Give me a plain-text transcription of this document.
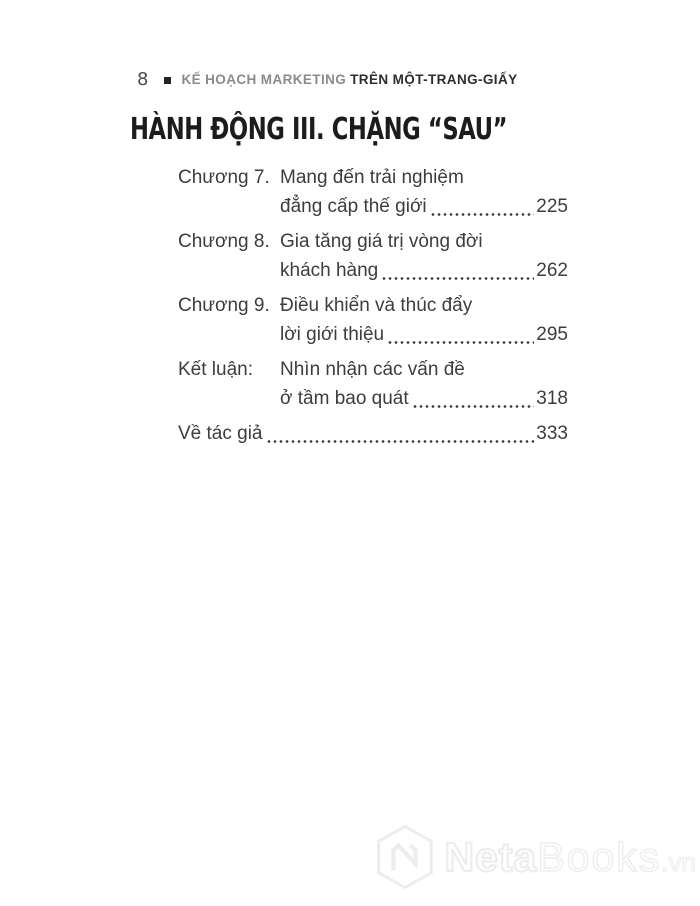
8 KẾ HOẠCH MARKETING TRÊN MỘT-TRANG-GIẤY
HÀNH ĐỘNG III. CHẶNG “SAU”
Chương 7. Mang đến trải nghiệm
đẳng cấp thế giới	225
Chương 8. Gia tăng giá trị vòng đời
khách hàng	262
Chương 9. Điều khiển và thúc đẩy
lời giới thiệu	295
Kết luận:	Nhìn nhận các vấn đề
ở tầm bao quát	318
Về tác giả	333
NetaBooks.vn
